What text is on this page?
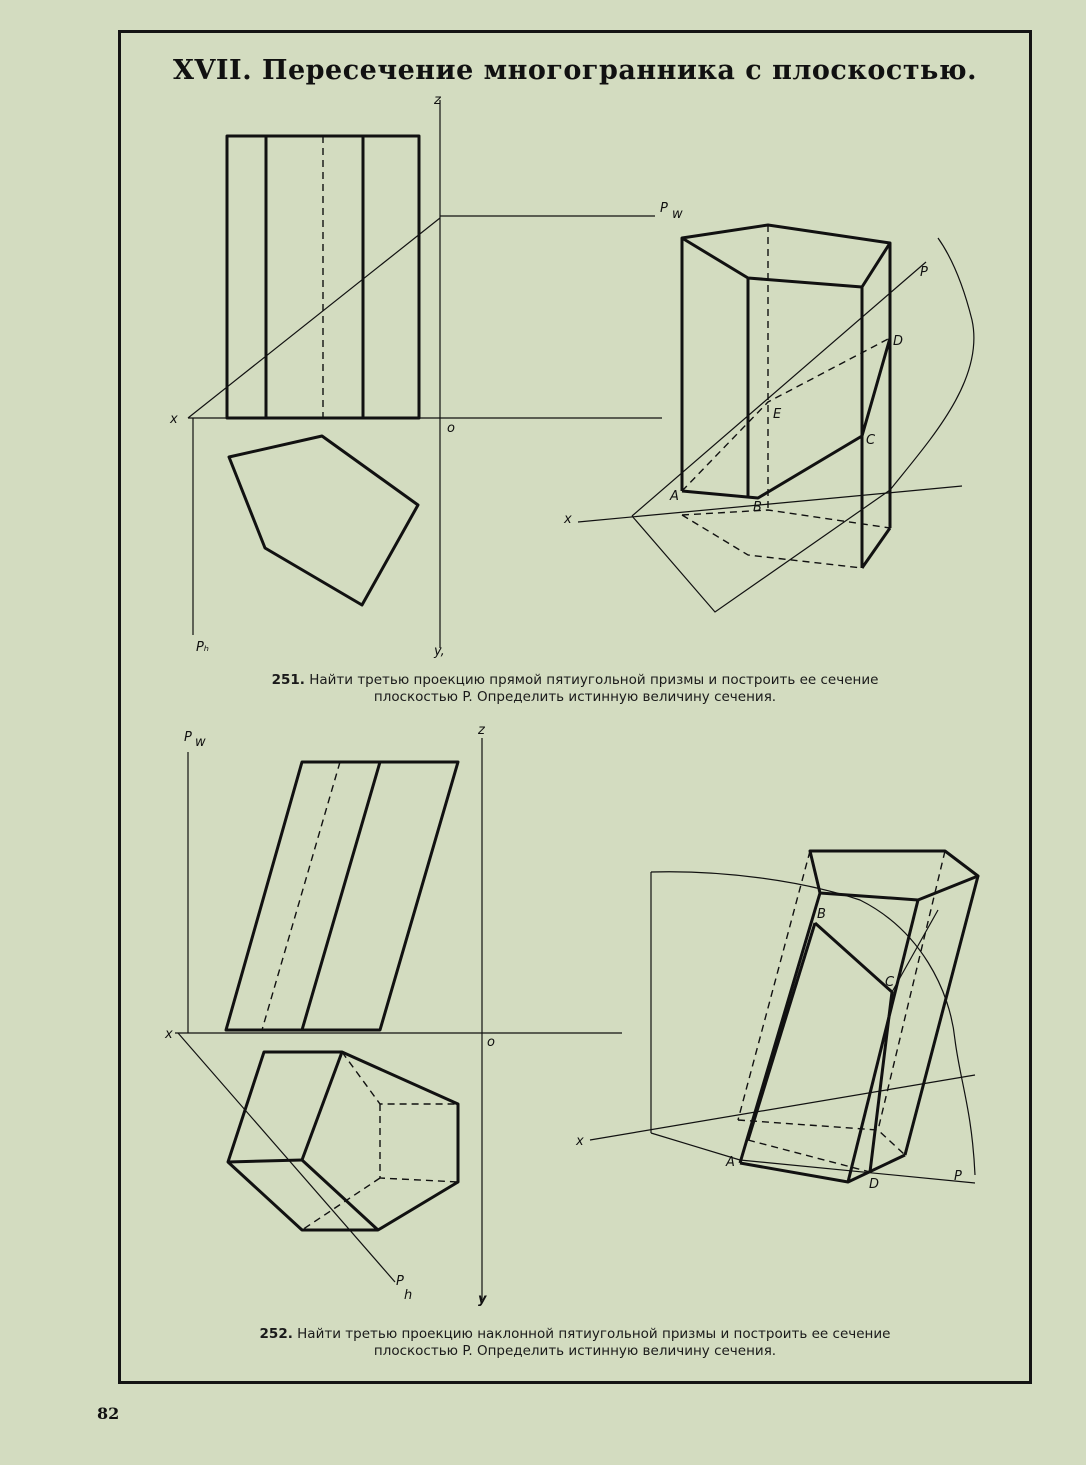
XVII. Пересечение многогранника с плоскостью.
z
x
o
y,
Pₕ
P w
P
D
E
C
A
B
x
z
x
o
y
P
h
P w
B
C
A
D
P
x
251. Найти третью проекцию прямой пятиугольной призмы и построить ее сечение
плоскостью P. Определить истинную величину сечения.
252. Найти третью проекцию наклонной пятиугольной призмы и построить ее сечение
плоскостью P. Определить истинную величину сечения.
82
